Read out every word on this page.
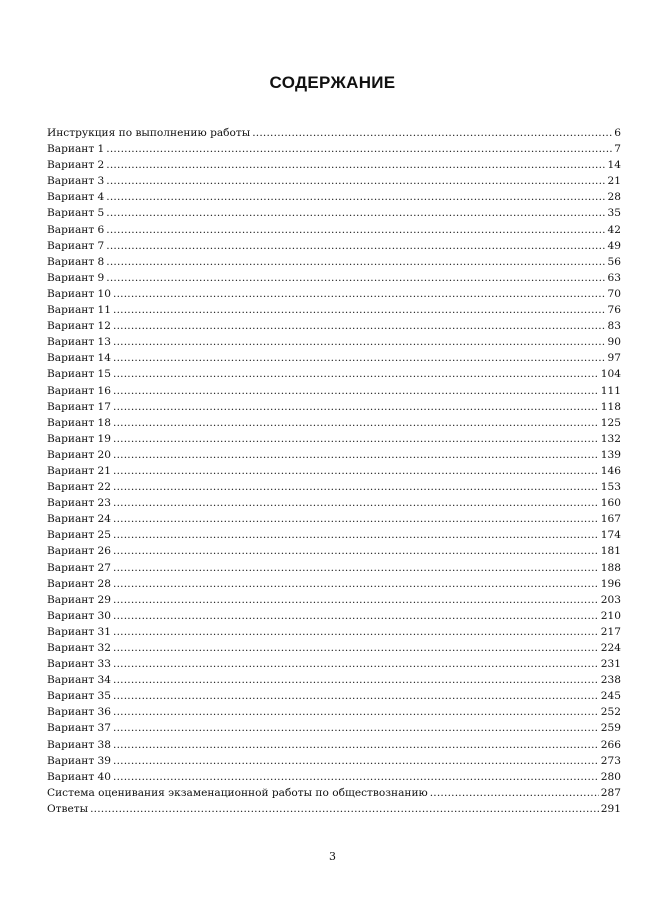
СОДЕРЖАНИЕ
Инструкция по выполнению работы .....	6
Вариант 1 .....	7
Вариант 2 .....	14
Вариант 3 .....	21
Вариант 4 .....	28
Вариант 5 .....	35
Вариант 6 .....	42
Вариант 7 .....	49
Вариант 8 .....	56
Вариант 9 .....	63
Вариант 10 .....	70
Вариант 11 .....	76
Вариант 12 .....	83
Вариант 13 .....	90
Вариант 14 .....	97
Вариант 15 .....	104
Вариант 16 .....	111
Вариант 17 .....	118
Вариант 18 .....	125
Вариант 19 .....	132
Вариант 20 .....	139
Вариант 21 .....	146
Вариант 22 .....	153
Вариант 23 .....	160
Вариант 24 .....	167
Вариант 25 .....	174
Вариант 26 .....	181
Вариант 27 .....	188
Вариант 28 .....	196
Вариант 29 .....	203
Вариант 30 .....	210
Вариант 31 .....	217
Вариант 32 .....	224
Вариант 33 .....	231
Вариант 34 .....	238
Вариант 35 .....	245
Вариант 36 .....	252
Вариант 37 .....	259
Вариант 38 .....	266
Вариант 39 .....	273
Вариант 40 .....	280
Система оценивания экзаменационной работы по обществознанию .....	287
Ответы .....	291
3
